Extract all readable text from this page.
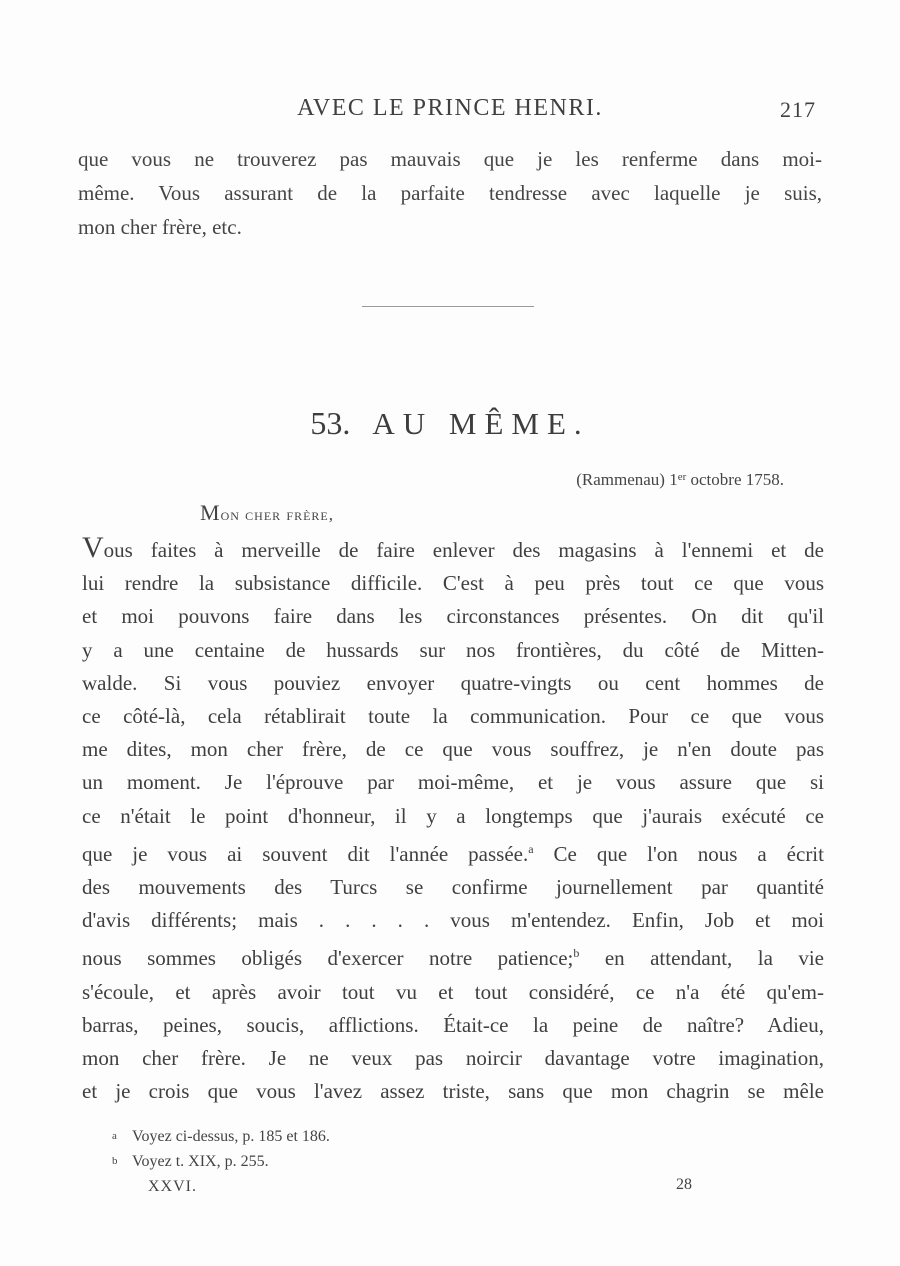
AVEC LE PRINCE HENRI.	217
que vous ne trouverez pas mauvais que je les renferme dans moi-
même. Vous assurant de la parfaite tendresse avec laquelle je suis,
mon cher frère, etc.
53. AU MÊME.
(Rammenau) 1er octobre 1758.
Mon cher frère,
Vous faites à merveille de faire enlever des magasins à l'ennemi et de
lui rendre la subsistance difficile. C'est à peu près tout ce que vous
et moi pouvons faire dans les circonstances présentes. On dit qu'il
y a une centaine de hussards sur nos frontières, du côté de Mitten-
walde. Si vous pouviez envoyer quatre-vingts ou cent hommes de
ce côté-là, cela rétablirait toute la communication. Pour ce que vous
me dites, mon cher frère, de ce que vous souffrez, je n'en doute pas
un moment. Je l'éprouve par moi-même, et je vous assure que si
ce n'était le point d'honneur, il y a longtemps que j'aurais exécuté ce
que je vous ai souvent dit l'année passée.$^a$ Ce que l'on nous a écrit
des mouvements des Turcs se confirme journellement par quantité
d'avis différents; mais . . . . . vous m'entendez. Enfin, Job et moi
nous sommes obligés d'exercer notre patience;$^b$ en attendant, la vie
s'écoule, et après avoir tout vu et tout considéré, ce n'a été qu'em-
barras, peines, soucis, afflictions. Était-ce la peine de naître? Adieu,
mon cher frère. Je ne veux pas noircir davantage votre imagination,
et je crois que vous l'avez assez triste, sans que mon chagrin se mêle
a Voyez ci-dessus, p. 185 et 186.
b Voyez t. XIX, p. 255.
XXVI.	28
